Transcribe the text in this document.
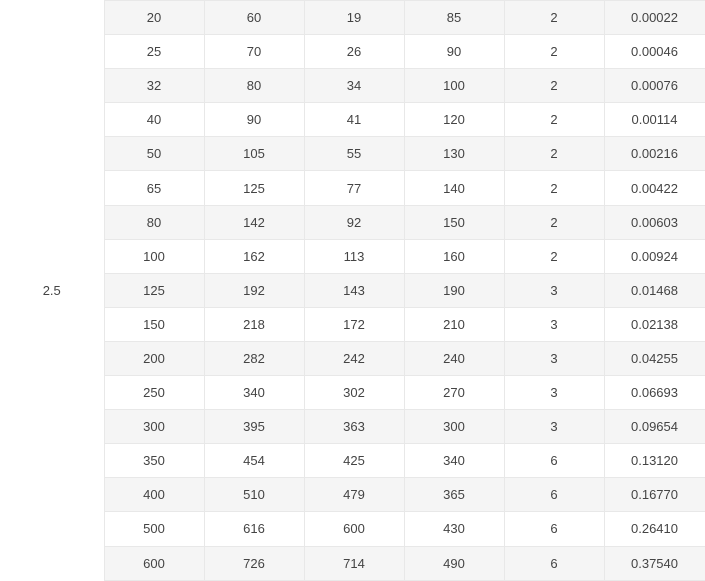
2.5	20	60	19	85	2	0.00022
	25	70	26	90	2	0.00046
	32	80	34	100	2	0.00076
	40	90	41	120	2	0.00114
	50	105	55	130	2	0.00216
	65	125	77	140	2	0.00422
	80	142	92	150	2	0.00603
	100	162	113	160	2	0.00924
	125	192	143	190	3	0.01468
	150	218	172	210	3	0.02138
	200	282	242	240	3	0.04255
	250	340	302	270	3	0.06693
	300	395	363	300	3	0.09654
	350	454	425	340	6	0.13120
	400	510	479	365	6	0.16770
	500	616	600	430	6	0.26410
	600	726	714	490	6	0.37540
